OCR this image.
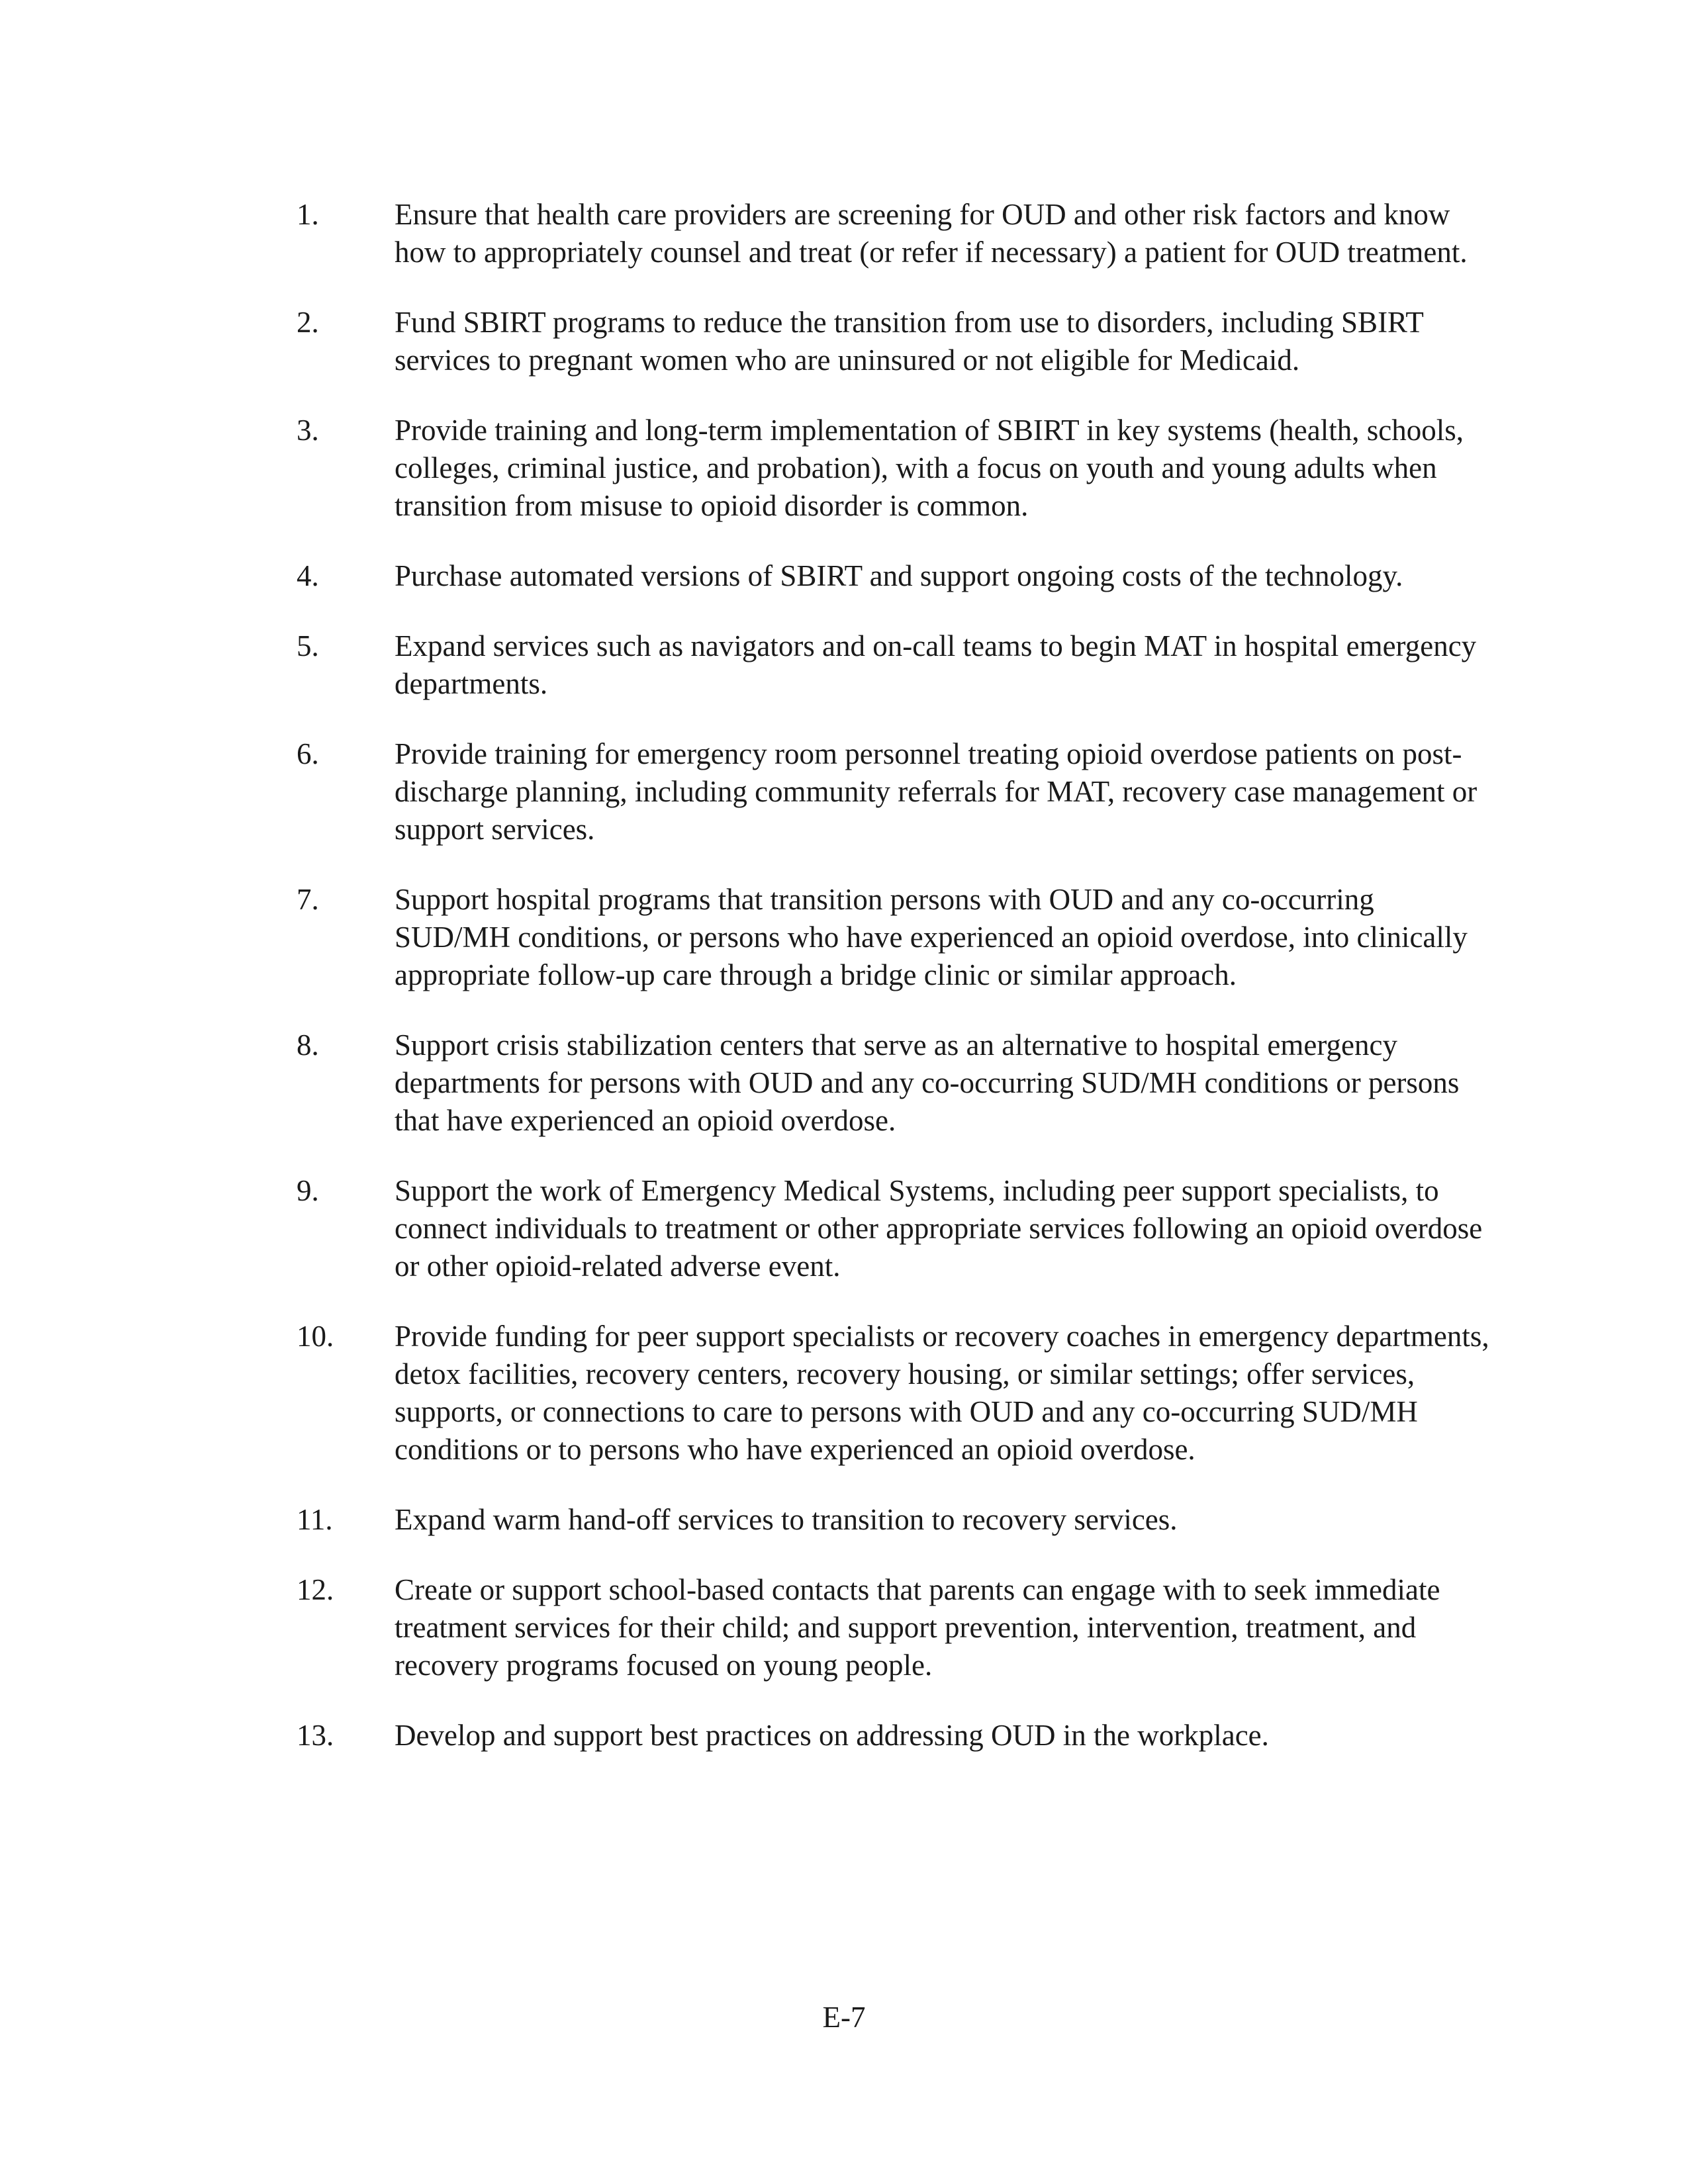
1.	Ensure that health care providers are screening for OUD and other risk factors and know how to appropriately counsel and treat (or refer if necessary) a patient for OUD treatment.
2.	Fund SBIRT programs to reduce the transition from use to disorders, including SBIRT services to pregnant women who are uninsured or not eligible for Medicaid.
3.	Provide training and long-term implementation of SBIRT in key systems (health, schools, colleges, criminal justice, and probation), with a focus on youth and young adults when transition from misuse to opioid disorder is common.
4.	Purchase automated versions of SBIRT and support ongoing costs of the technology.
5.	Expand services such as navigators and on-call teams to begin MAT in hospital emergency departments.
6.	Provide training for emergency room personnel treating opioid overdose patients on post-discharge planning, including community referrals for MAT, recovery case management or support services.
7.	Support hospital programs that transition persons with OUD and any co-occurring SUD/MH conditions, or persons who have experienced an opioid overdose, into clinically appropriate follow-up care through a bridge clinic or similar approach.
8.	Support crisis stabilization centers that serve as an alternative to hospital emergency departments for persons with OUD and any co-occurring SUD/MH conditions or persons that have experienced an opioid overdose.
9.	Support the work of Emergency Medical Systems, including peer support specialists, to connect individuals to treatment or other appropriate services following an opioid overdose or other opioid-related adverse event.
10. Provide funding for peer support specialists or recovery coaches in emergency departments, detox facilities, recovery centers, recovery housing, or similar settings; offer services, supports, or connections to care to persons with OUD and any co-occurring SUD/MH conditions or to persons who have experienced an opioid overdose.
11. Expand warm hand-off services to transition to recovery services.
12. Create or support school-based contacts that parents can engage with to seek immediate treatment services for their child; and support prevention, intervention, treatment, and recovery programs focused on young people.
13. Develop and support best practices on addressing OUD in the workplace.
E-7
